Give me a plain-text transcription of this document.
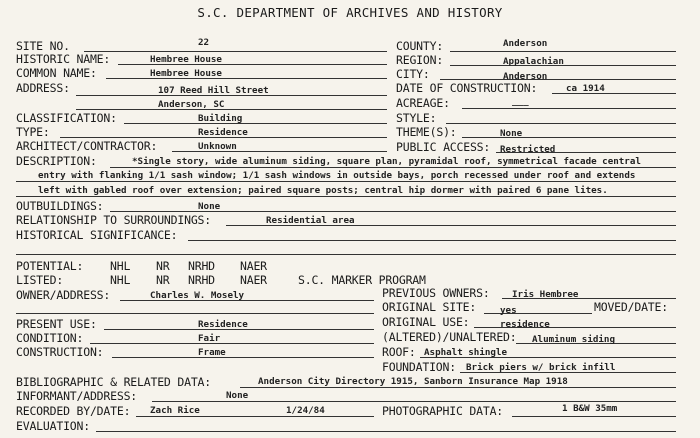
S.C. DEPARTMENT OF ARCHIVES AND HISTORY
SITE NO.	22
HISTORIC NAME:	Hembree House
COMMON NAME:	Hembree House
ADDRESS:	107 Reed Hill Street
Anderson, SC
CLASSIFICATION:	Building
TYPE:	Residence
ARCHITECT/CONTRACTOR:	Unknown
COUNTY:	Anderson
REGION:	Appalachian
CITY:	Anderson
DATE OF CONSTRUCTION:	ca 1914
ACREAGE:	___
STYLE:
THEME(S):	None
PUBLIC ACCESS: Restricted
DESCRIPTION:	*Single story, wide aluminum siding, square plan, pyramidal roof, symmetrical facade central
entry with flanking 1/1 sash window; 1/1 sash windows in outside bays, porch recessed under roof and extends
left with gabled roof over extension; paired square posts; central hip dormer with paired 6 pane lites.
OUTBUILDINGS:	None
RELATIONSHIP TO SURROUNDINGS:	Residential area
HISTORICAL SIGNIFICANCE:
POTENTIAL: NHL NR NRHD NAER
LISTED:	NHL NR NRHD NAER	S.C. MARKER PROGRAM
OWNER/ADDRESS:	Charles W. Mosely	PREVIOUS OWNERS: Iris Hembree
ORIGINAL SITE:	yes	MOVED/DATE:
PRESENT USE:	Residence	ORIGINAL USE:	residence
CONDITION:	Fair	(ALTERED)/UNALTERED: Aluminum siding
CONSTRUCTION:	Frame	ROOF: Asphalt shingle
FOUNDATION: Brick piers w/ brick infill
BIBLIOGRAPHIC & RELATED DATA:	Anderson City Directory 1915, Sanborn Insurance Map 1918
INFORMANT/ADDRESS:	None
RECORDED BY/DATE: Zach Rice	1/24/84	PHOTOGRAPHIC DATA:	1 B&W 35mm
EVALUATION:
